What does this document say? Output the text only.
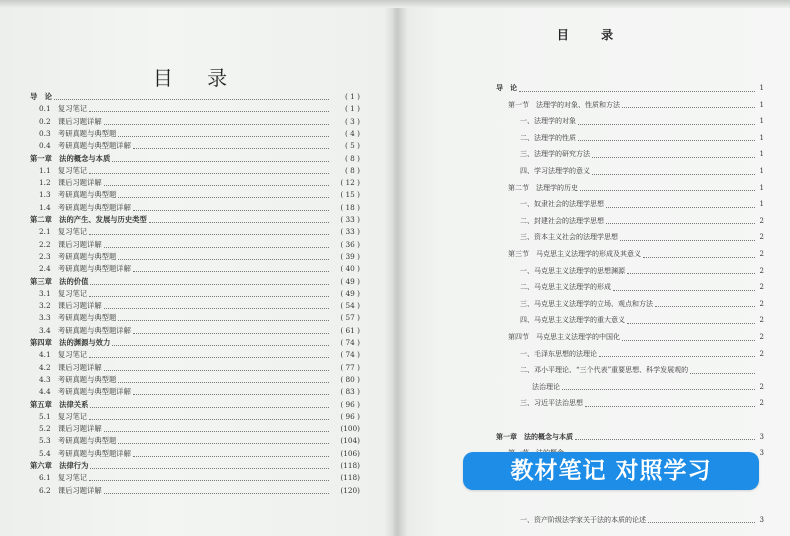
目 录
导　论	( 1 )
0.1　复习笔记	( 1 )
0.2　课后习题详解	( 3 )
0.3　考研真题与典型题	( 4 )
0.4　考研真题与典型题详解	( 5 )
第一章　法的概念与本质	( 8 )
1.1　复习笔记	( 8 )
1.2　课后习题详解	( 12 )
1.3　考研真题与典型题	( 15 )
1.4　考研真题与典型题详解	( 18 )
第二章　法的产生、发展与历史类型	( 33 )
2.1　复习笔记	( 33 )
2.2　课后习题详解	( 36 )
2.3　考研真题与典型题	( 39 )
2.4　考研真题与典型题详解	( 40 )
第三章　法的价值	( 49 )
3.1　复习笔记	( 49 )
3.2　课后习题详解	( 54 )
3.3　考研真题与典型题	( 57 )
3.4　考研真题与典型题详解	( 61 )
第四章　法的渊源与效力	( 74 )
4.1　复习笔记	( 74 )
4.2　课后习题详解	( 77 )
4.3　考研真题与典型题	( 80 )
4.4　考研真题与典型题详解	( 83 )
第五章　法律关系	( 96 )
5.1　复习笔记	( 96 )
5.2　课后习题详解	(100)
5.3　考研真题与典型题	(104)
5.4　考研真题与典型题详解	(106)
第六章　法律行为	(118)
6.1　复习笔记	(118)
6.2　课后习题详解	(120)
目 录
导　论	1
第一节　法理学的对象、性质和方法	1
一、法理学的对象	1
二、法理学的性质	1
三、法理学的研究方法	1
四、学习法理学的意义	1
第二节　法理学的历史	1
一、奴隶社会的法理学思想	1
二、封建社会的法理学思想	2
三、资本主义社会的法理学思想	2
第三节　马克思主义法理学的形成及其意义	2
一、马克思主义法理学的思想渊源	2
二、马克思主义法理学的形成	2
三、马克思主义法理学的立场、观点和方法	2
四、马克思主义法理学的重大意义	2
第四节　马克思主义法理学的中国化	2
一、毛泽东思想的法理论	2
二、邓小平理论、“三个代表”重要思想、科学发展观的
法治理论	2
三、习近平法治思想	2
第一章　法的概念与本质	3
3
一、资产阶级法学家关于法的本质的论述	3
教材笔记 对照学习
